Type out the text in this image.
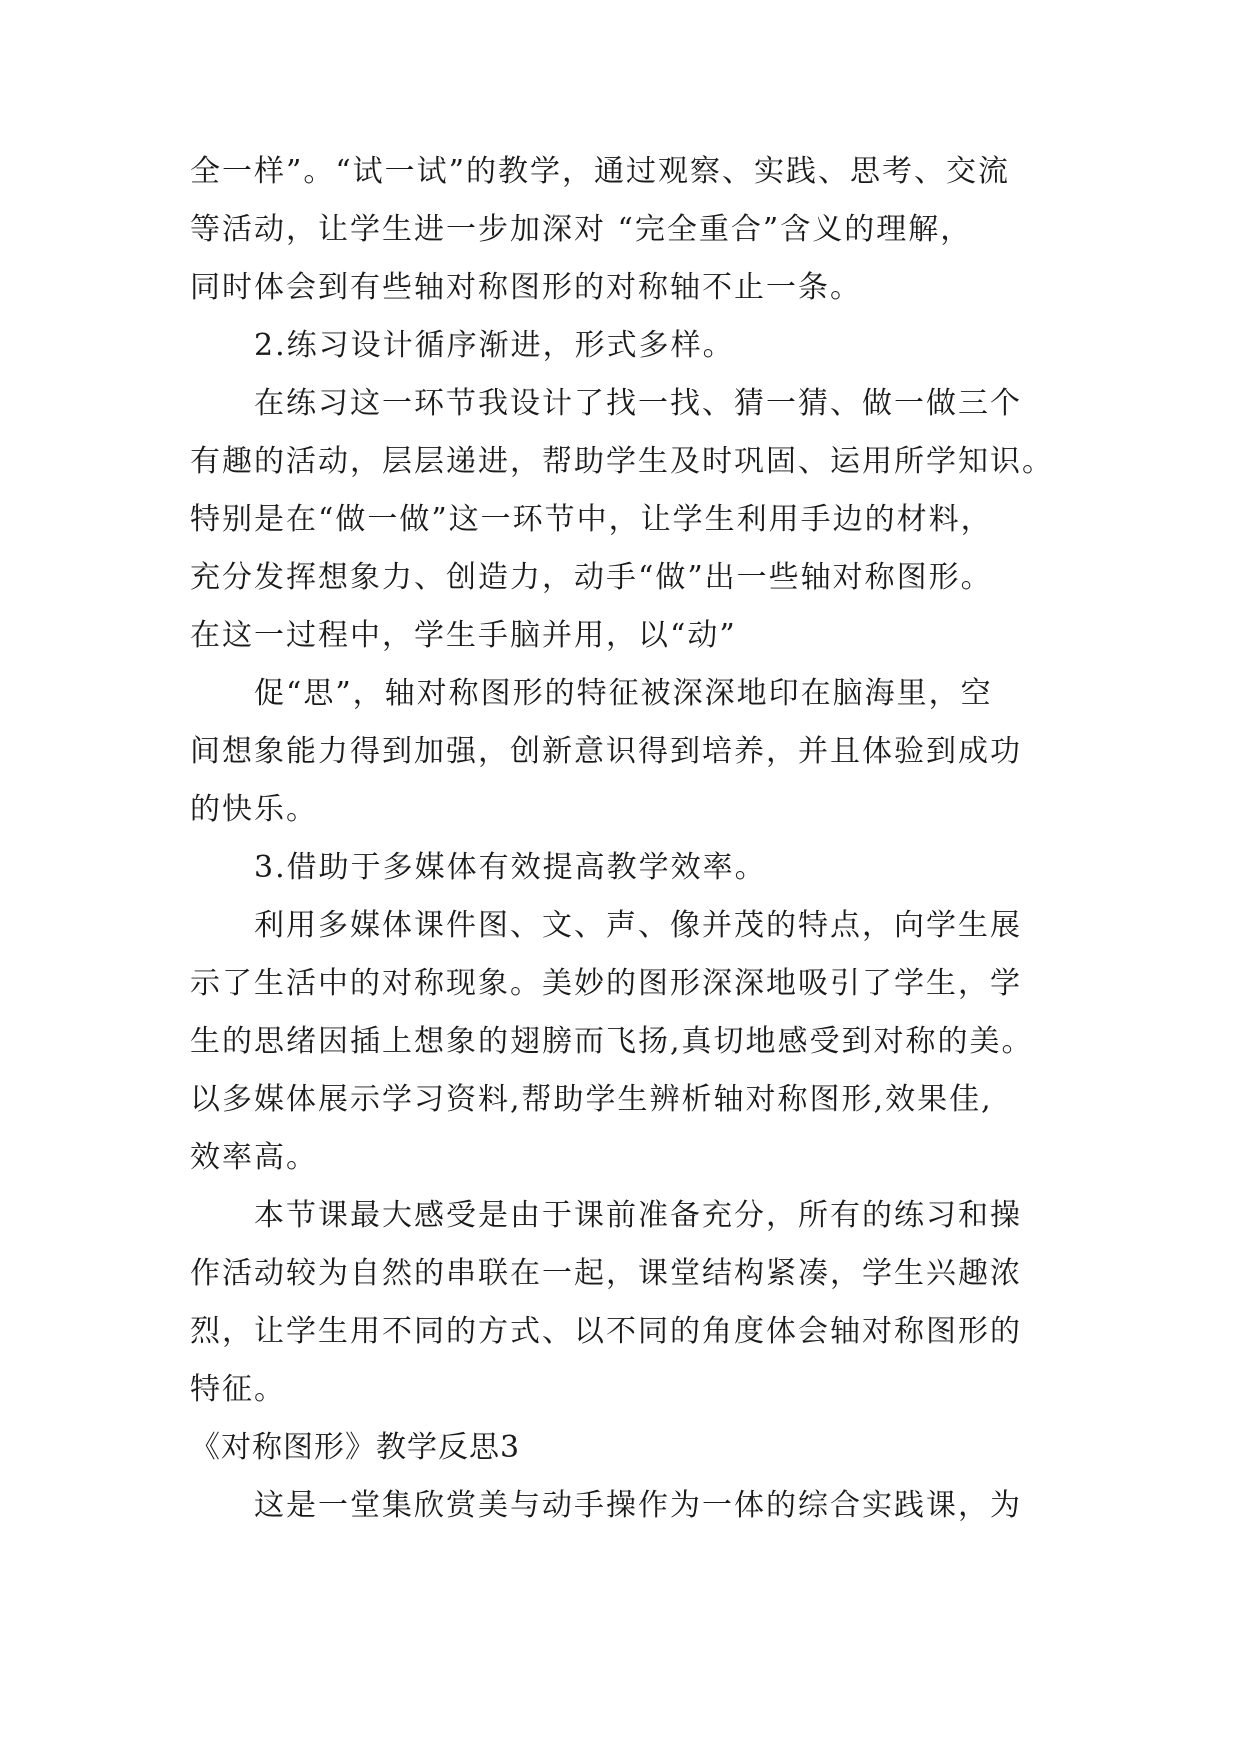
全一样”。“试一试”的教学，通过观察、实践、思考、交流
等活动，让学生进一步加深对 “完全重合”含义的理解，
同时体会到有些轴对称图形的对称轴不止一条。
2.练习设计循序渐进，形式多样。
在练习这一环节我设计了找一找、猜一猜、做一做三个
有趣的活动，层层递进，帮助学生及时巩固、运用所学知识。
特别是在“做一做”这一环节中，让学生利用手边的材料，
充分发挥想象力、创造力，动手“做”出一些轴对称图形。
在这一过程中，学生手脑并用，以“动”
促“思”，轴对称图形的特征被深深地印在脑海里，空
间想象能力得到加强，创新意识得到培养，并且体验到成功
的快乐。
3.借助于多媒体有效提高教学效率。
利用多媒体课件图、文、声、像并茂的特点，向学生展
示了生活中的对称现象。美妙的图形深深地吸引了学生，学
生的思绪因插上想象的翅膀而飞扬,真切地感受到对称的美。
以多媒体展示学习资料,帮助学生辨析轴对称图形,效果佳,
效率高。
本节课最大感受是由于课前准备充分，所有的练习和操
作活动较为自然的串联在一起，课堂结构紧凑，学生兴趣浓
烈，让学生用不同的方式、以不同的角度体会轴对称图形的
特征。
《对称图形》教学反思3
这是一堂集欣赏美与动手操作为一体的综合实践课，为
